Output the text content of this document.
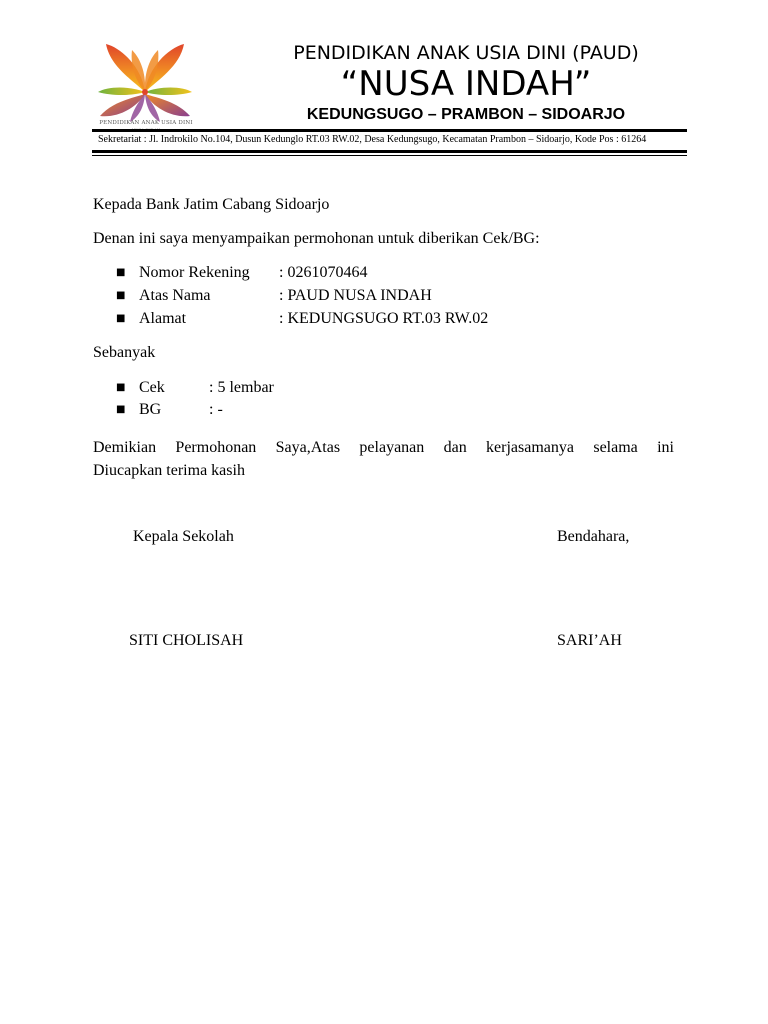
PENDIDIKAN ANAK USIA DINI
PENDIDIKAN ANAK USIA DINI (PAUD)
“NUSA INDAH”
KEDUNGSUGO – PRAMBON – SIDOARJO
Sekretariat : Jl. Indrokilo No.104, Dusun Kedunglo RT.03 RW.02, Desa Kedungsugo, Kecamatan Prambon – Sidoarjo, Kode Pos : 61264
Kepada Bank Jatim Cabang Sidoarjo
Denan ini saya menyampaikan permohonan untuk diberikan Cek/BG:
■ Nomor Rekening : 0261070464
■ Atas Nama	: PAUD NUSA INDAH
■ Alamat	: KEDUNGSUGO RT.03 RW.02
Sebanyak
■ Cek	: 5 lembar
■ BG	: -
Demikian Permohonan Saya,Atas pelayanan dan kerjasamanya selama ini
Diucapkan terima kasih
Kepala Sekolah	Bendahara,
SITI CHOLISAH	SARI’AH
